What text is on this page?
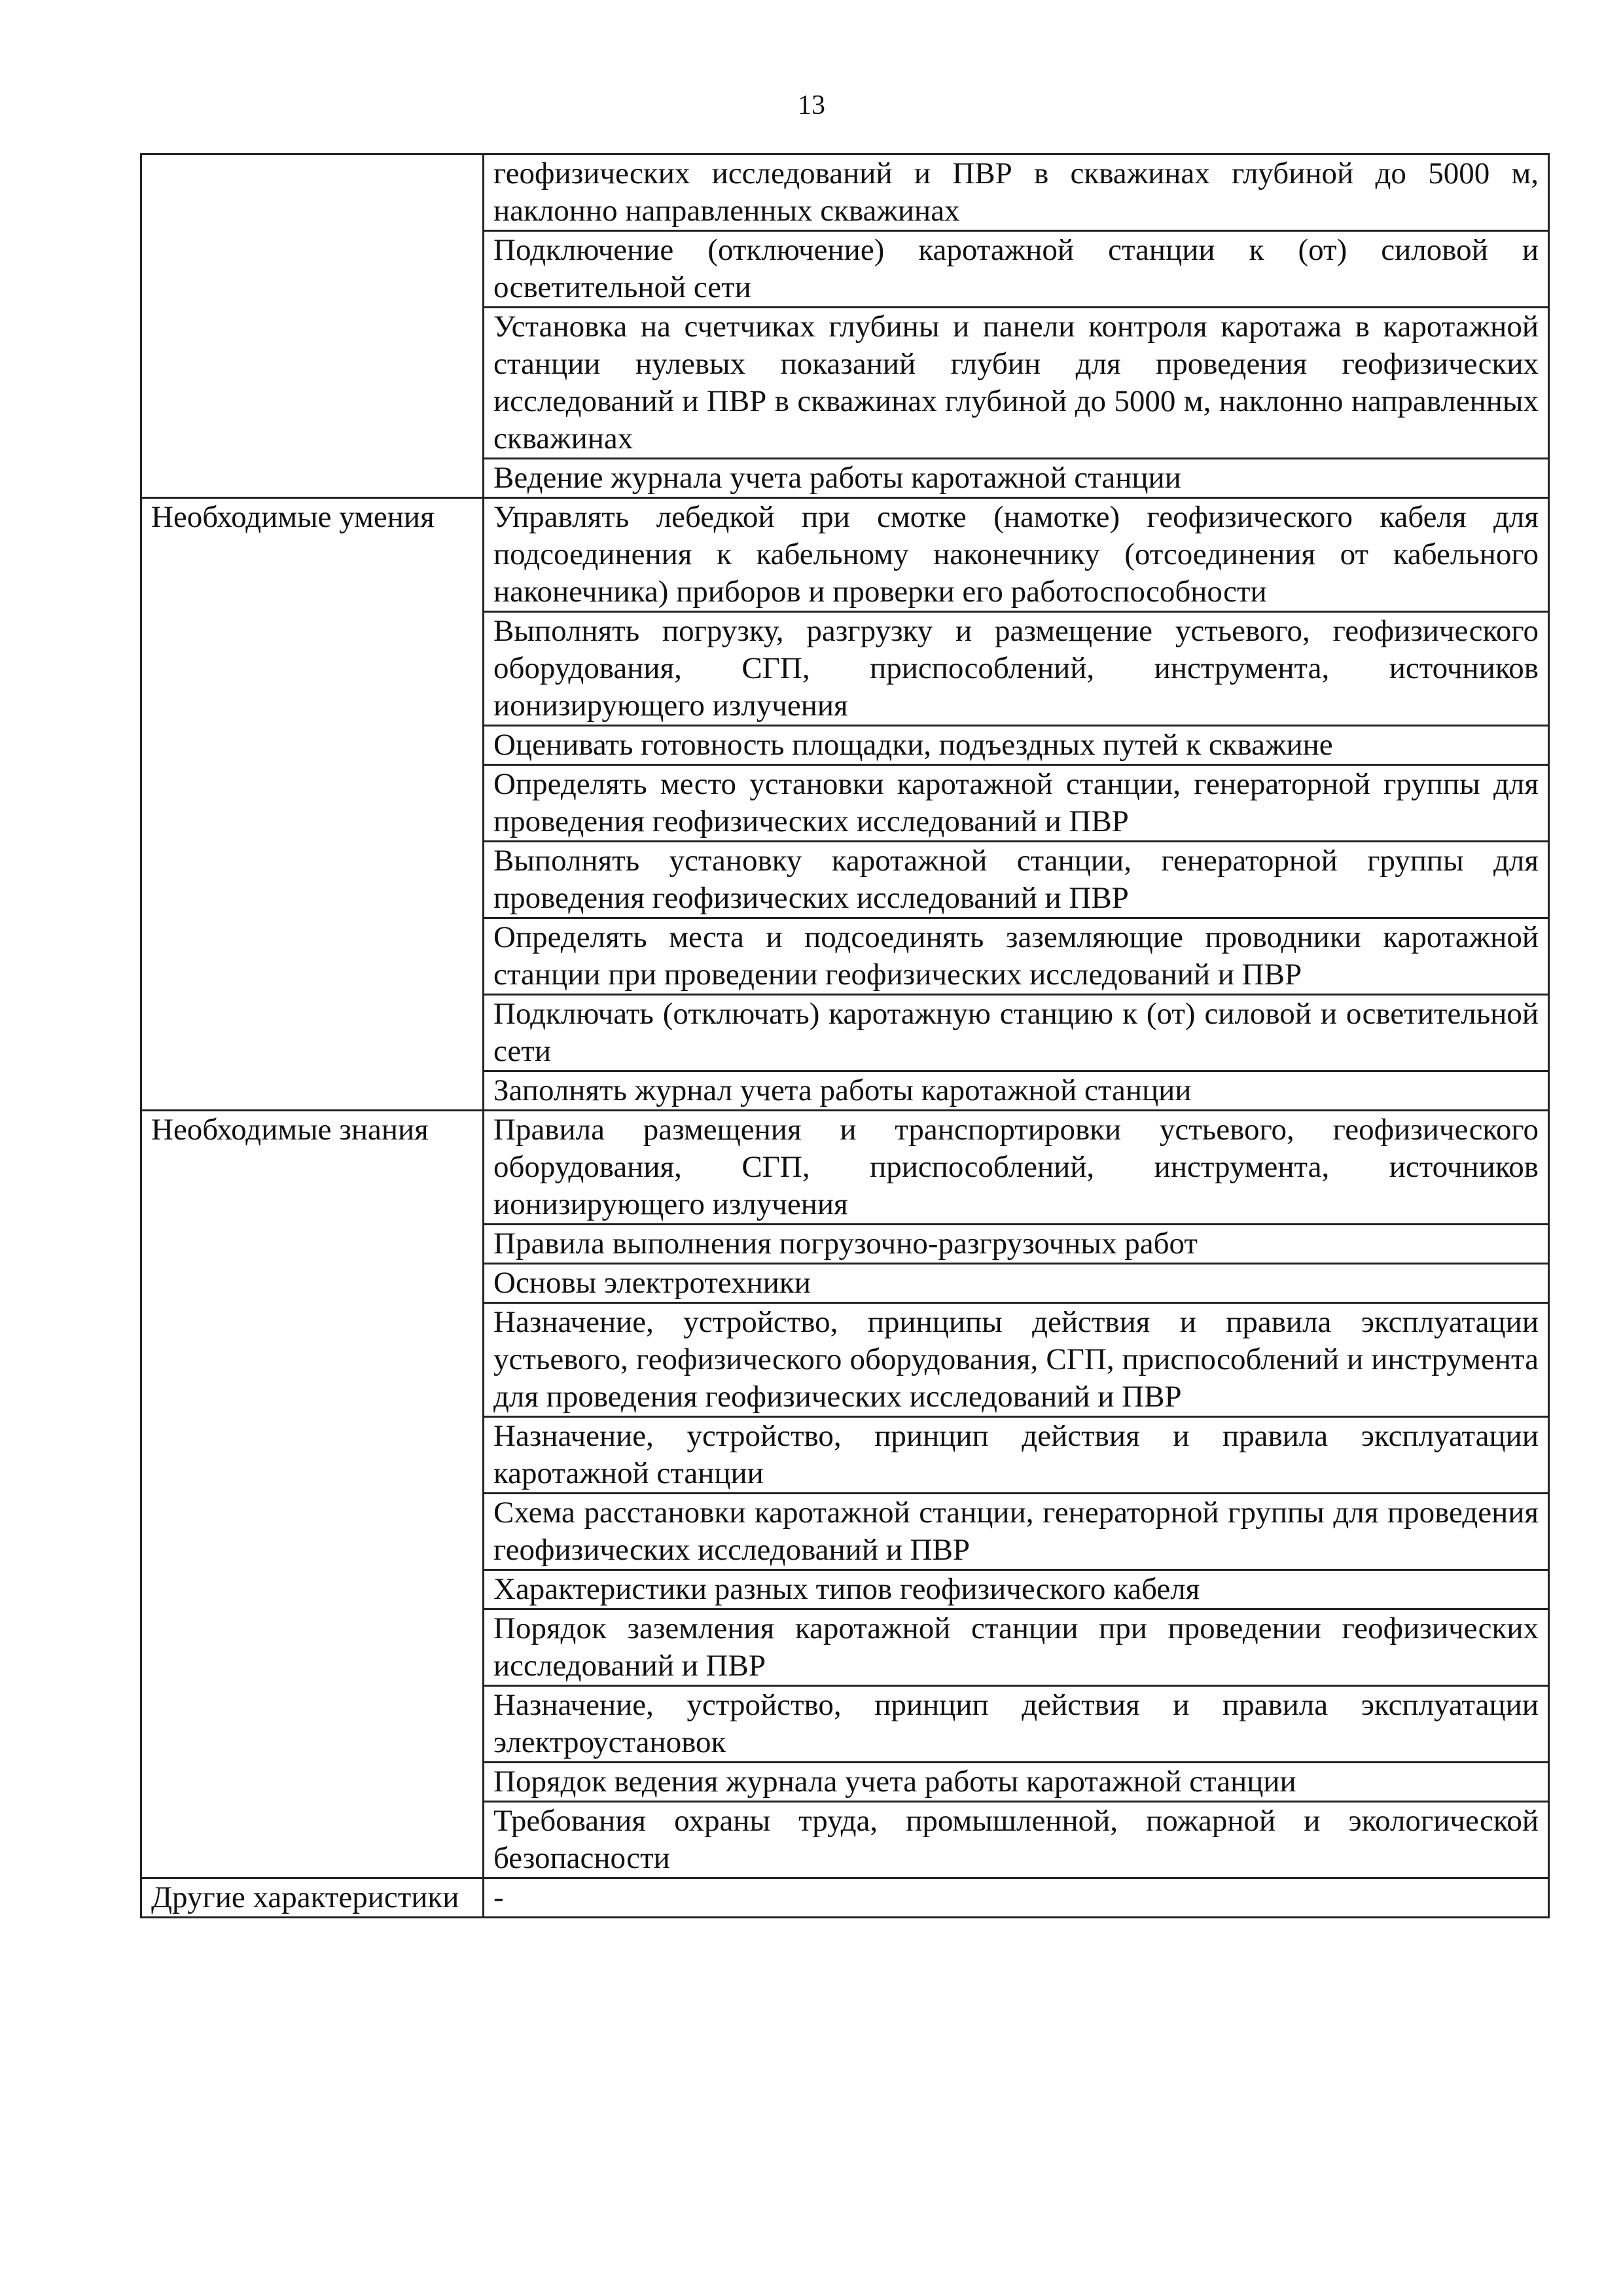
13
	геофизических исследований и ПВР в скважинах глубиной до 5000 м, наклонно направленных скважинах
	Подключение (отключение) каротажной станции к (от) силовой и осветительной сети
	Установка на счетчиках глубины и панели контроля каротажа в каротажной станции нулевых показаний глубин для проведения геофизических исследований и ПВР в скважинах глубиной до 5000 м, наклонно направленных скважинах
	Ведение журнала учета работы каротажной станции
Необходимые умения	Управлять лебедкой при смотке (намотке) геофизического кабеля для подсоединения к кабельному наконечнику (отсоединения от кабельного наконечника) приборов и проверки его работоспособности
	Выполнять погрузку, разгрузку и размещение устьевого, геофизического оборудования, СГП, приспособлений, инструмента, источников ионизирующего излучения
	Оценивать готовность площадки, подъездных путей к скважине
	Определять место установки каротажной станции, генераторной группы для проведения геофизических исследований и ПВР
	Выполнять установку каротажной станции, генераторной группы для проведения геофизических исследований и ПВР
	Определять места и подсоединять заземляющие проводники каротажной станции при проведении геофизических исследований и ПВР
	Подключать (отключать) каротажную станцию к (от) силовой и осветительной сети
	Заполнять журнал учета работы каротажной станции
Необходимые знания	Правила размещения и транспортировки устьевого, геофизического оборудования, СГП, приспособлений, инструмента, источников ионизирующего излучения
	Правила выполнения погрузочно-разгрузочных работ
	Основы электротехники
	Назначение, устройство, принципы действия и правила эксплуатации устьевого, геофизического оборудования, СГП, приспособлений и инструмента для проведения геофизических исследований и ПВР
	Назначение, устройство, принцип действия и правила эксплуатации каротажной станции
	Схема расстановки каротажной станции, генераторной группы для проведения геофизических исследований и ПВР
	Характеристики разных типов геофизического кабеля
	Порядок заземления каротажной станции при проведении геофизических исследований и ПВР
	Назначение, устройство, принцип действия и правила эксплуатации электроустановок
	Порядок ведения журнала учета работы каротажной станции
	Требования охраны труда, промышленной, пожарной и экологической безопасности
Другие характеристики	-
